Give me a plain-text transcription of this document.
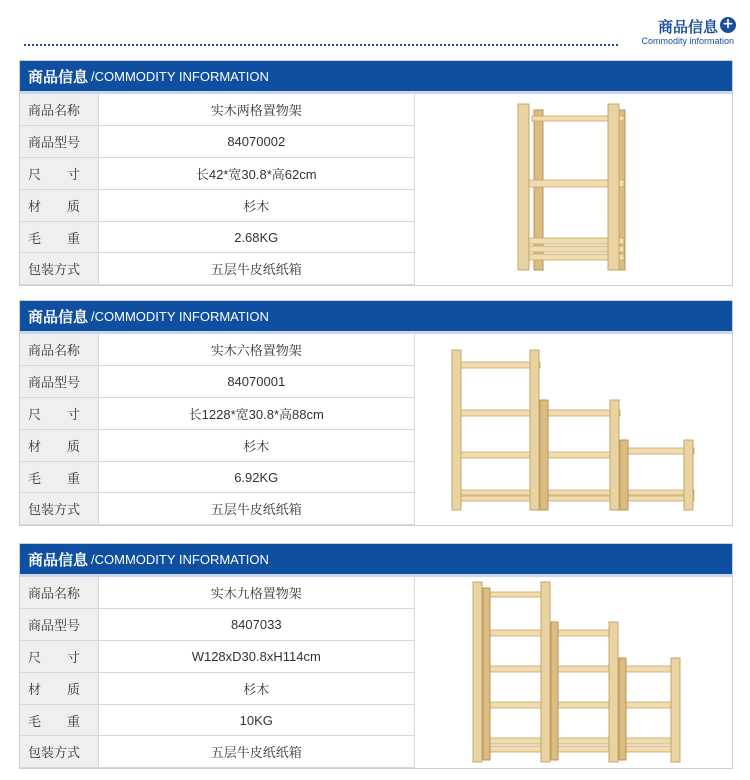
商品信息 +
Commodity information
商品信息 /COMMODITY INFORMATION
商品名称	实木两格置物架
商品型号	84070002
尺　　寸	长42*宽30.8*高62cm
材　　质	杉木
毛　　重	2.68KG
包装方式	五层牛皮纸纸箱
商品信息 /COMMODITY INFORMATION
商品名称	实木六格置物架
商品型号	84070001
尺　　寸	长1228*宽30.8*高88cm
材　　质	杉木
毛　　重	6.92KG
包装方式	五层牛皮纸纸箱
商品信息 /COMMODITY INFORMATION
商品名称	实木九格置物架
商品型号	8407033
尺　　寸	W128xD30.8xH114cm
材　　质	杉木
毛　　重	10KG
包装方式	五层牛皮纸纸箱
